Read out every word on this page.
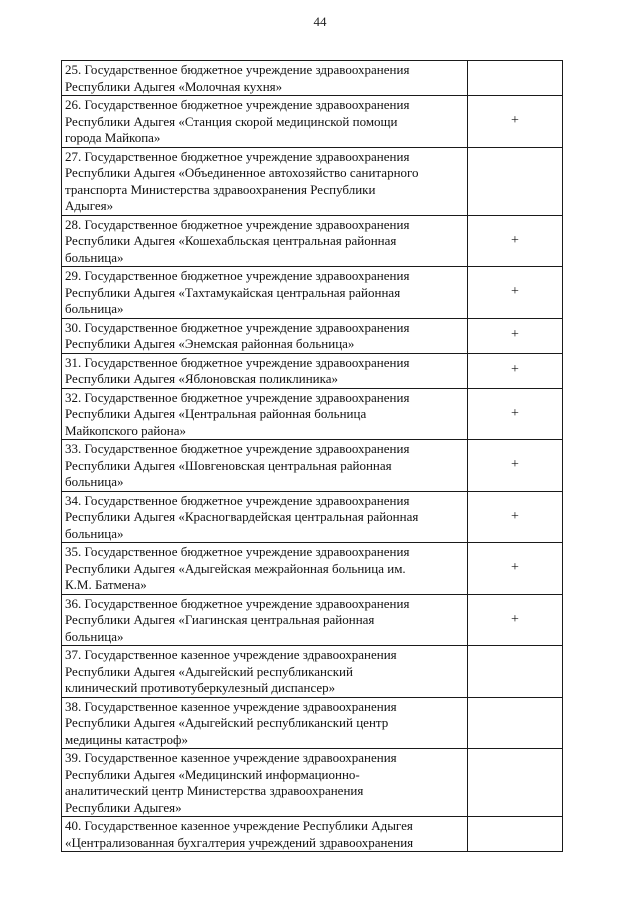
44
25. Государственное бюджетное учреждение здравоохранения
Республики Адыгея «Молочная кухня»	
26. Государственное бюджетное учреждение здравоохранения
Республики Адыгея «Станция скорой медицинской помощи
города Майкопа»	+
27. Государственное бюджетное учреждение здравоохранения
Республики Адыгея «Объединенное автохозяйство санитарного
транспорта Министерства здравоохранения Республики
Адыгея»	
28. Государственное бюджетное учреждение здравоохранения
Республики Адыгея «Кошехабльская центральная районная
больница»	+
29. Государственное бюджетное учреждение здравоохранения
Республики Адыгея «Тахтамукайская центральная районная
больница»	+
30. Государственное бюджетное учреждение здравоохранения
Республики Адыгея «Энемская районная больница»	+
31. Государственное бюджетное учреждение здравоохранения
Республики Адыгея «Яблоновская поликлиника»	+
32. Государственное бюджетное учреждение здравоохранения
Республики Адыгея «Центральная районная больница
Майкопского района»	+
33. Государственное бюджетное учреждение здравоохранения
Республики Адыгея «Шовгеновская центральная районная
больница»	+
34. Государственное бюджетное учреждение здравоохранения
Республики Адыгея «Красногвардейская центральная районная
больница»	+
35. Государственное бюджетное учреждение здравоохранения
Республики Адыгея «Адыгейская межрайонная больница им.
К.М. Батмена»	+
36. Государственное бюджетное учреждение здравоохранения
Республики Адыгея «Гиагинская центральная районная
больница»	+
37. Государственное казенное учреждение здравоохранения
Республики Адыгея «Адыгейский республиканский
клинический противотуберкулезный диспансер»	
38. Государственное казенное учреждение здравоохранения
Республики Адыгея «Адыгейский республиканский центр
медицины катастроф»	
39. Государственное казенное учреждение здравоохранения
Республики Адыгея «Медицинский информационно-
аналитический центр Министерства здравоохранения
Республики Адыгея»	
40. Государственное казенное учреждение Республики Адыгея
«Централизованная бухгалтерия учреждений здравоохранения	
